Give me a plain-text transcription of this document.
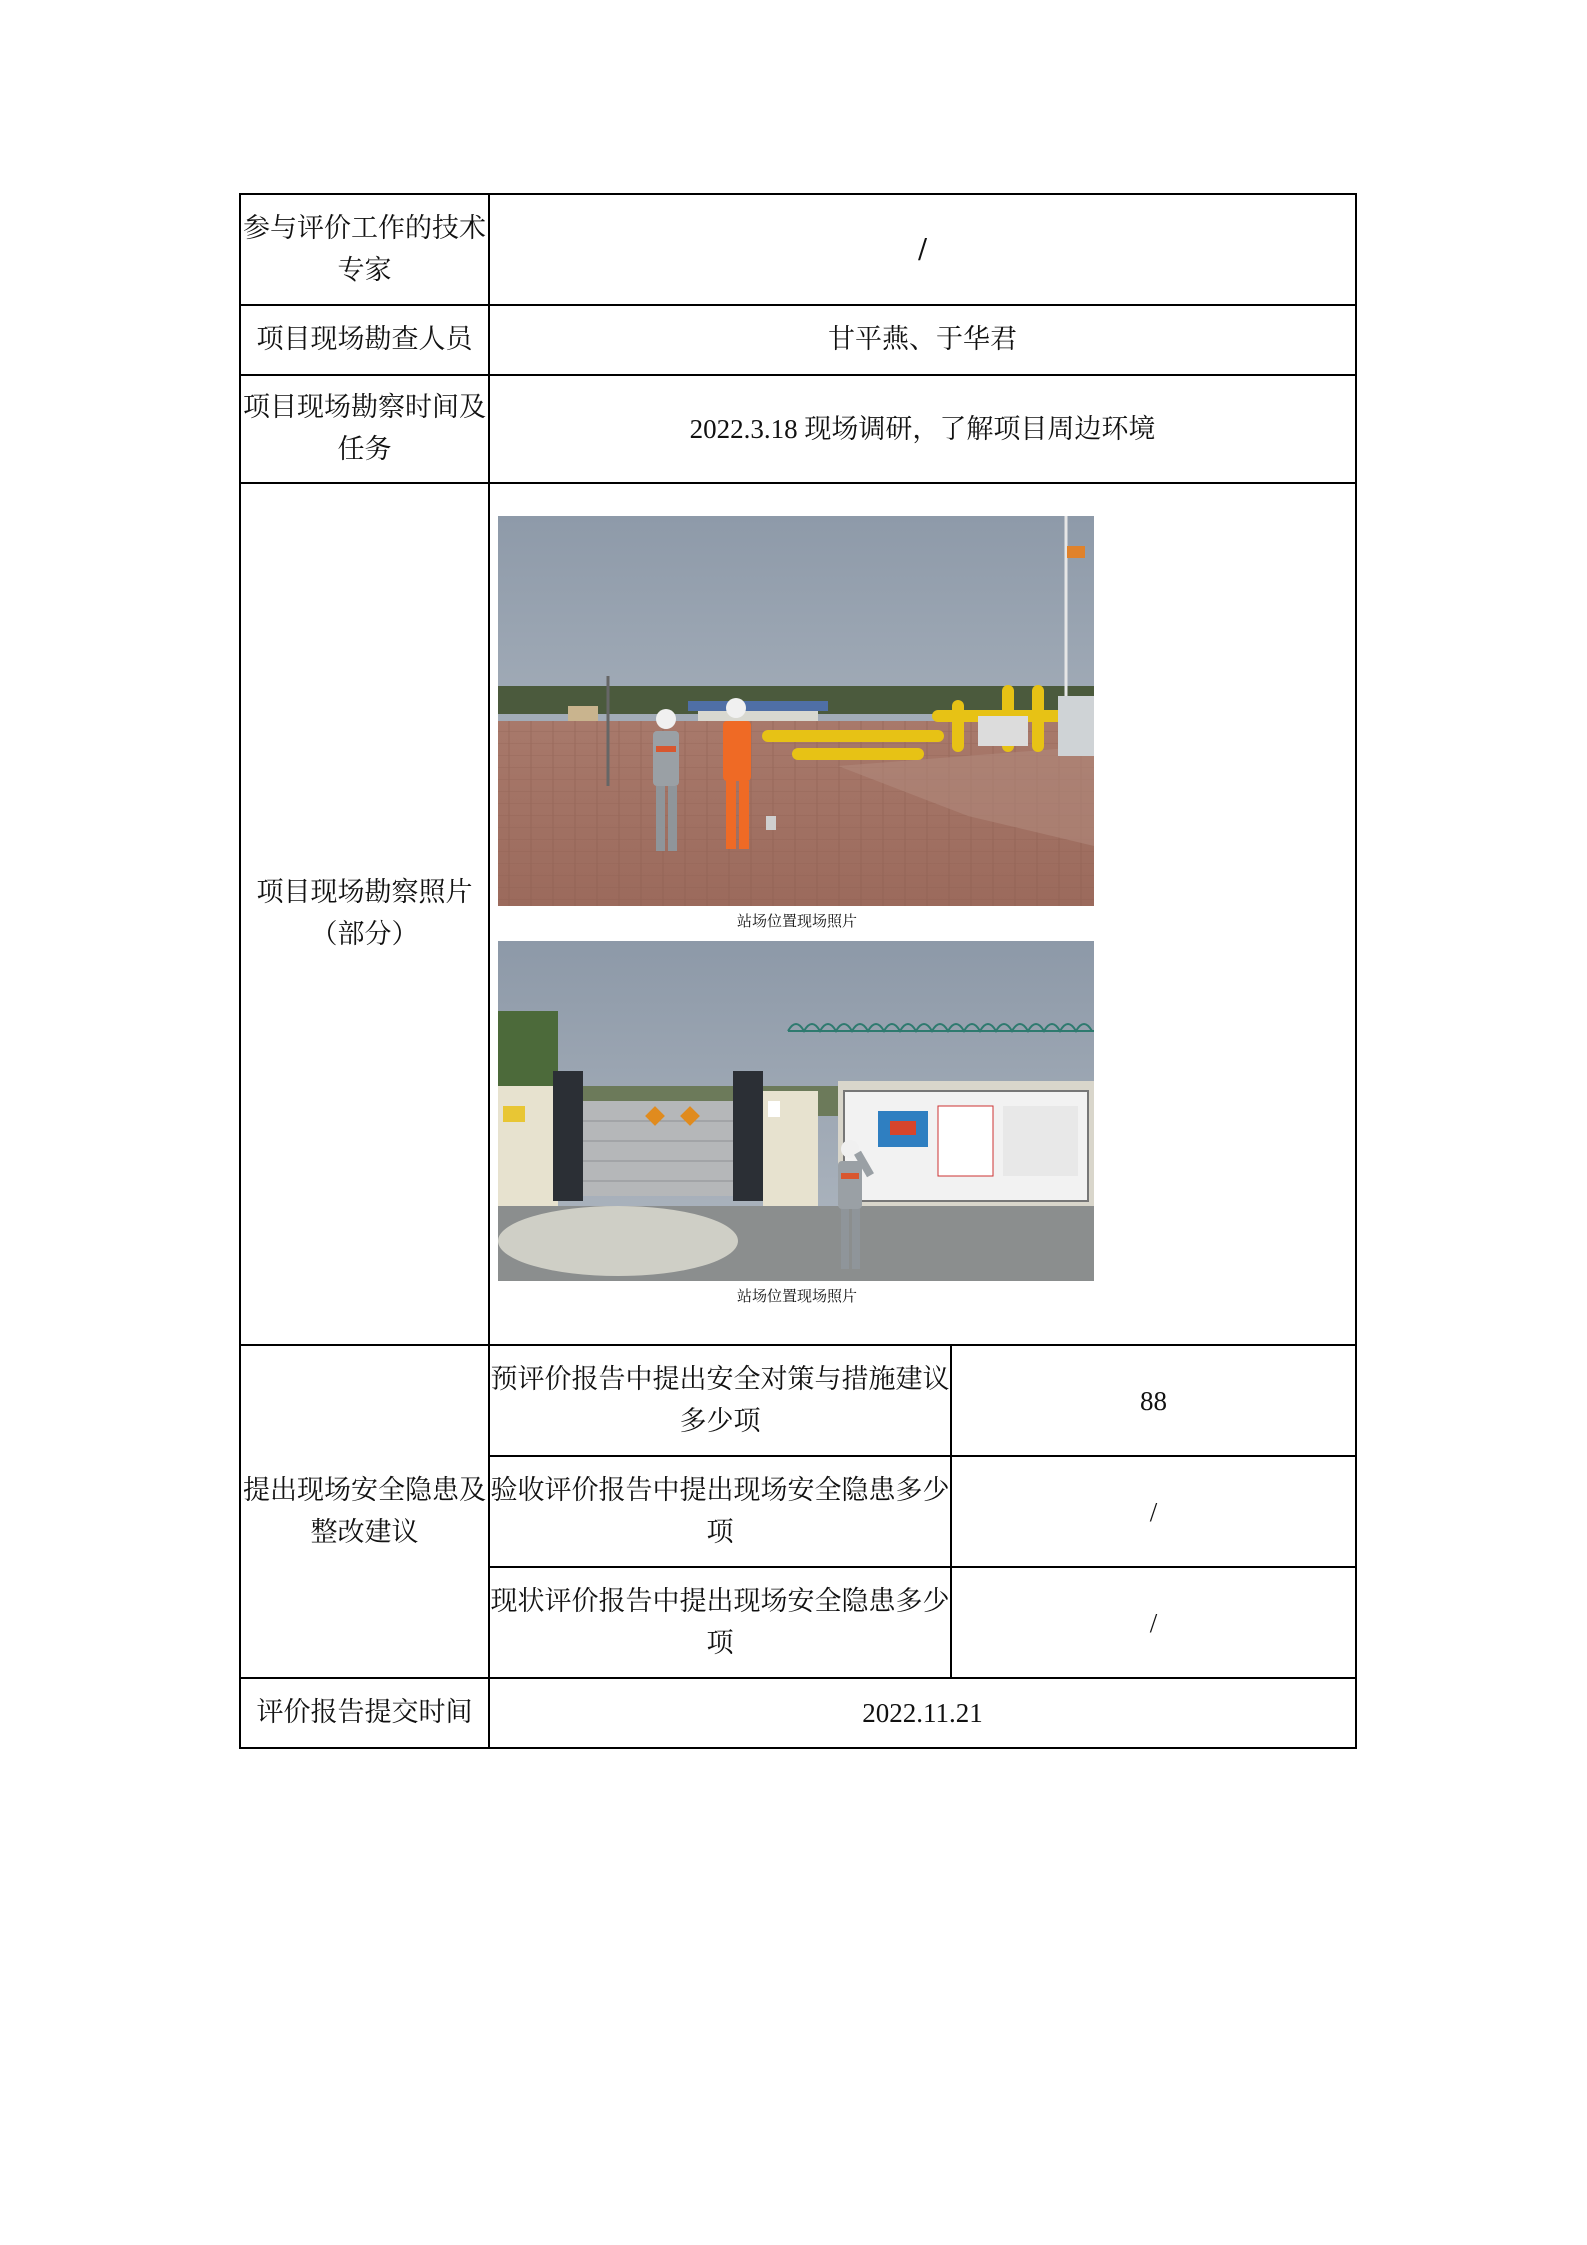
参与评价工作的技术专家	/	
项目现场勘查人员	甘平燕、于华君	
项目现场勘察时间及任务	2022.3.18 现场调研，了解项目周边环境	
项目现场勘察照片（部分）	站场位置现场照片
站场位置现场照片	

提出现场安全隐患及整改建议	预评价报告中提出安全对策与措施建议多少项	88
	验收评价报告中提出现场安全隐患多少项	/
	现状评价报告中提出现场安全隐患多少项	/
评价报告提交时间	2022.11.21	
